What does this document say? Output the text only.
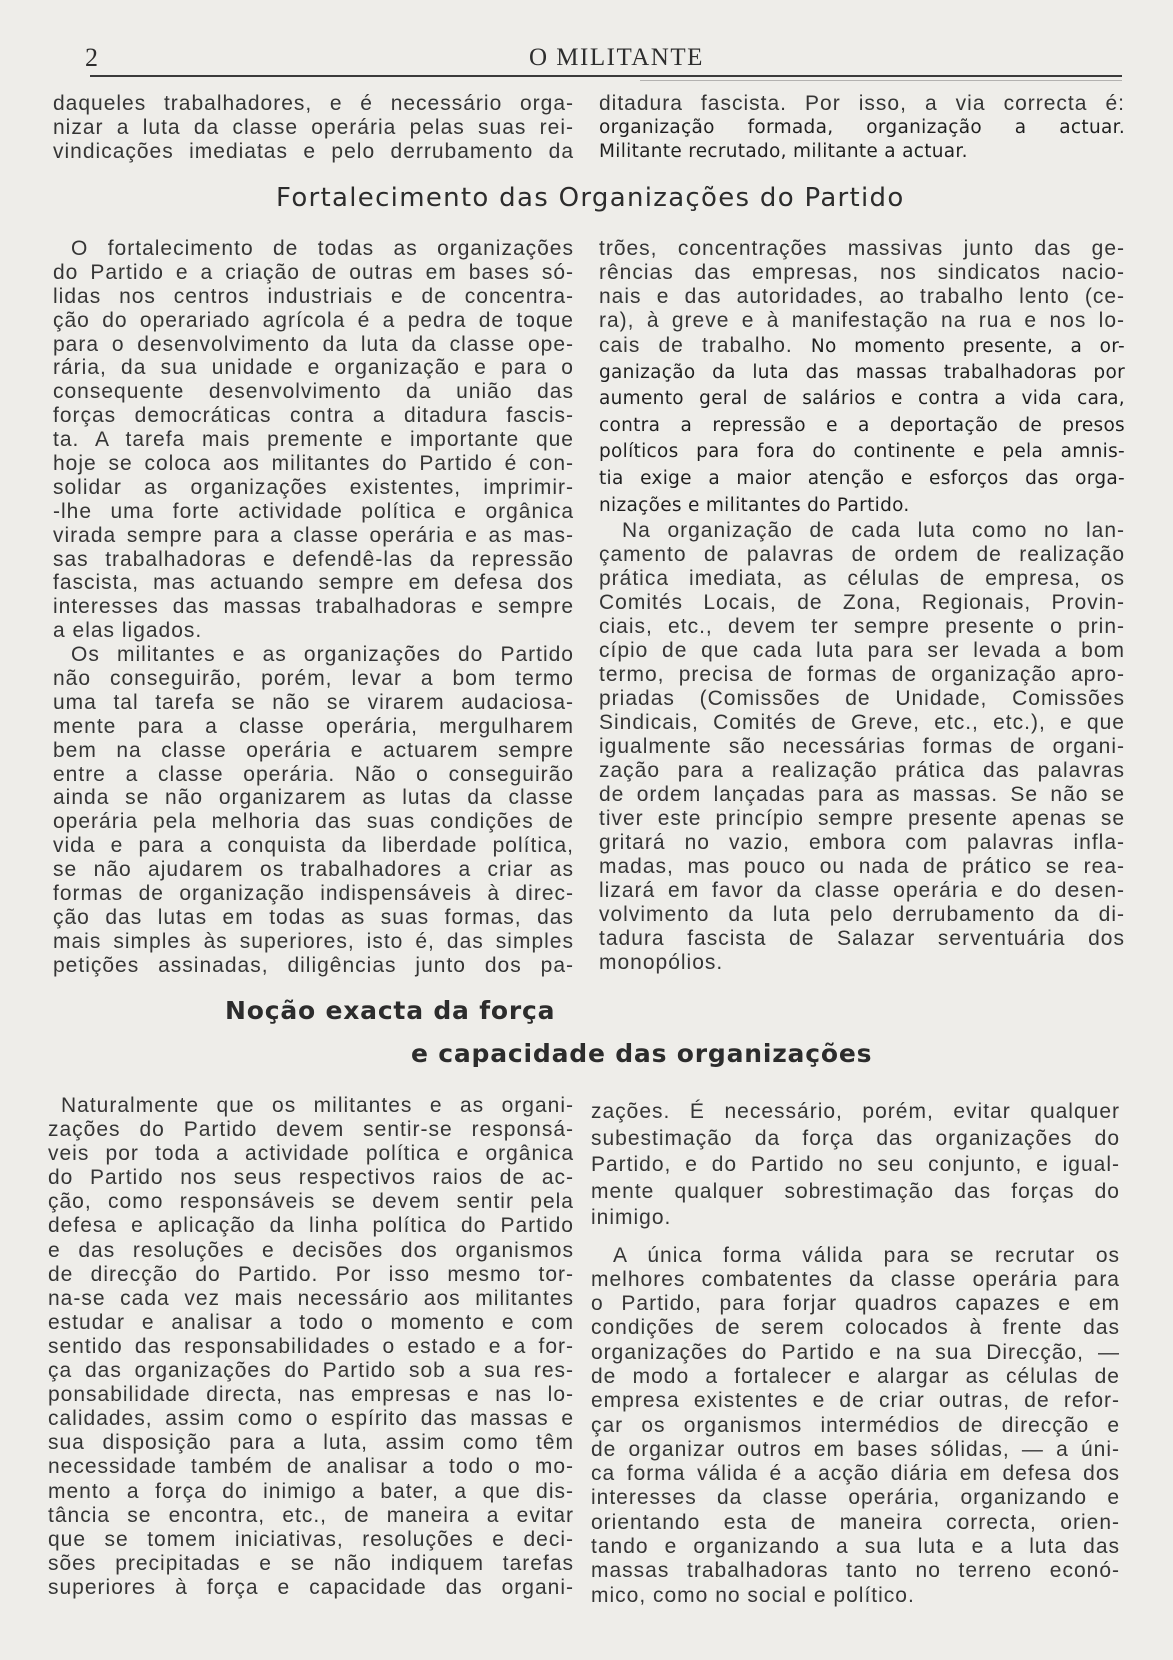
2	O MILITANTE
daqueles trabalhadores, e é necessário orga-
nizar a luta da classe operária pelas suas rei-
vindicações imediatas e pelo derrubamento da
ditadura fascista. Por isso, a via correcta é:
organização formada, organização a actuar.
Militante recrutado, militante a actuar.
Fortalecimento das Organizações do Partido
O fortalecimento de todas as organizações
do Partido e a criação de outras em bases só-
lidas nos centros industriais e de concentra-
ção do operariado agrícola é a pedra de toque
para o desenvolvimento da luta da classe ope-
rária, da sua unidade e organização e para o
consequente desenvolvimento da união das
forças democráticas contra a ditadura fascis-
ta. A tarefa mais premente e importante que
hoje se coloca aos militantes do Partido é con-
solidar as organizações existentes, imprimir-
-lhe uma forte actividade política e orgânica
virada sempre para a classe operária e as mas-
sas trabalhadoras e defendê-las da repressão
fascista, mas actuando sempre em defesa dos
interesses das massas trabalhadoras e sempre
a elas ligados.
Os militantes e as organizações do Partido
não conseguirão, porém, levar a bom termo
uma tal tarefa se não se virarem audaciosa-
mente para a classe operária, mergulharem
bem na classe operária e actuarem sempre
entre a classe operária. Não o conseguirão
ainda se não organizarem as lutas da classe
operária pela melhoria das suas condições de
vida e para a conquista da liberdade política,
se não ajudarem os trabalhadores a criar as
formas de organização indispensáveis à direc-
ção das lutas em todas as suas formas, das
mais simples às superiores, isto é, das simples
petições assinadas, diligências junto dos pa-
trões, concentrações massivas junto das ge-
rências das empresas, nos sindicatos nacio-
nais e das autoridades, ao trabalho lento (ce-
ra), à greve e à manifestação na rua e nos lo-
cais de trabalho. No momento presente, a or-
ganização da luta das massas trabalhadoras por
aumento geral de salários e contra a vida cara,
contra a repressão e a deportação de presos
políticos para fora do continente e pela amnis-
tia exige a maior atenção e esforços das orga-
nizações e militantes do Partido.
Na organização de cada luta como no lan-
çamento de palavras de ordem de realização
prática imediata, as células de empresa, os
Comités Locais, de Zona, Regionais, Provin-
ciais, etc., devem ter sempre presente o prin-
cípio de que cada luta para ser levada a bom
termo, precisa de formas de organização apro-
priadas (Comissões de Unidade, Comissões
Sindicais, Comités de Greve, etc., etc.), e que
igualmente são necessárias formas de organi-
zação para a realização prática das palavras
de ordem lançadas para as massas. Se não se
tiver este princípio sempre presente apenas se
gritará no vazio, embora com palavras infla-
madas, mas pouco ou nada de prático se rea-
lizará em favor da classe operária e do desen-
volvimento da luta pelo derrubamento da di-
tadura fascista de Salazar serventuária dos
monopólios.
Noção exacta da força
e capacidade das organizações
Naturalmente que os militantes e as organi-
zações do Partido devem sentir-se responsá-
veis por toda a actividade política e orgânica
do Partido nos seus respectivos raios de ac-
ção, como responsáveis se devem sentir pela
defesa e aplicação da linha política do Partido
e das resoluções e decisões dos organismos
de direcção do Partido. Por isso mesmo tor-
na-se cada vez mais necessário aos militantes
estudar e analisar a todo o momento e com
sentido das responsabilidades o estado e a for-
ça das organizações do Partido sob a sua res-
ponsabilidade directa, nas empresas e nas lo-
calidades, assim como o espírito das massas e
sua disposição para a luta, assim como têm
necessidade também de analisar a todo o mo-
mento a força do inimigo a bater, a que dis-
tância se encontra, etc., de maneira a evitar
que se tomem iniciativas, resoluções e deci-
sões precipitadas e se não indiquem tarefas
superiores à força e capacidade das organi-
zações. É necessário, porém, evitar qualquer
subestimação da força das organizações do
Partido, e do Partido no seu conjunto, e igual-
mente qualquer sobrestimação das forças do
inimigo.
A única forma válida para se recrutar os
melhores combatentes da classe operária para
o Partido, para forjar quadros capazes e em
condições de serem colocados à frente das
organizações do Partido e na sua Direcção, —
de modo a fortalecer e alargar as células de
empresa existentes e de criar outras, de refor-
çar os organismos intermédios de direcção e
de organizar outros em bases sólidas, — a úni-
ca forma válida é a acção diária em defesa dos
interesses da classe operária, organizando e
orientando esta de maneira correcta, orien-
tando e organizando a sua luta e a luta das
massas trabalhadoras tanto no terreno econó-
mico, como no social e político.
